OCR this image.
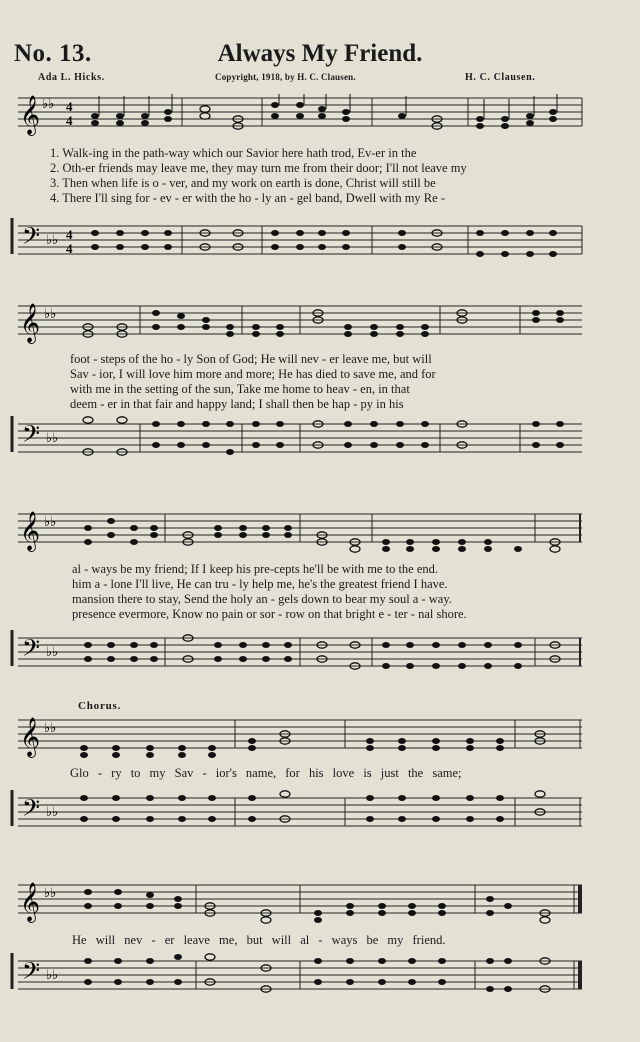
No. 13.	Always My Friend.
Ada L. Hicks.	Copyright, 1918, by H. C. Clausen.	H. C. Clausen.
𝄞 ♭♭ 4
4
1. Walk-ing in the path-way which our Savior here hath trod, Ev-er in the
2. Oth-er friends may leave me, they may turn me from their door; I'll not leave my
3. Then when life is o - ver, and my work on earth is done, Christ will still be
4. There I'll sing for - ev - er with the ho - ly an - gel band, Dwell with my Re -
𝄢 ♭♭ 4
4
𝄞 ♭♭
foot - steps of the ho - ly Son of God; He will nev - er leave me, but will
Sav - ior, I will love him more and more; He has died to save me, and for
with me in the setting of the sun, Take me home to heav - en, in that
deem - er in that fair and happy land; I shall then be hap - py in his
𝄢 ♭♭
𝄞 ♭♭
al - ways be my friend; If I keep his pre-cepts he'll be with me to the end.
him a - lone I'll live, He can tru - ly help me, he's the greatest friend I have.
mansion there to stay, Send the holy an - gels down to bear my soul a - way.
presence evermore, Know no pain or sor - row on that bright e - ter - nal shore.
𝄢 ♭♭
Chorus.
𝄞 ♭♭
Glo - ry to my Sav - ior's name, for his love is just the same;
𝄢 ♭♭
𝄞 ♭♭
He will nev - er leave me, but will al - ways be my friend.
𝄢 ♭♭
